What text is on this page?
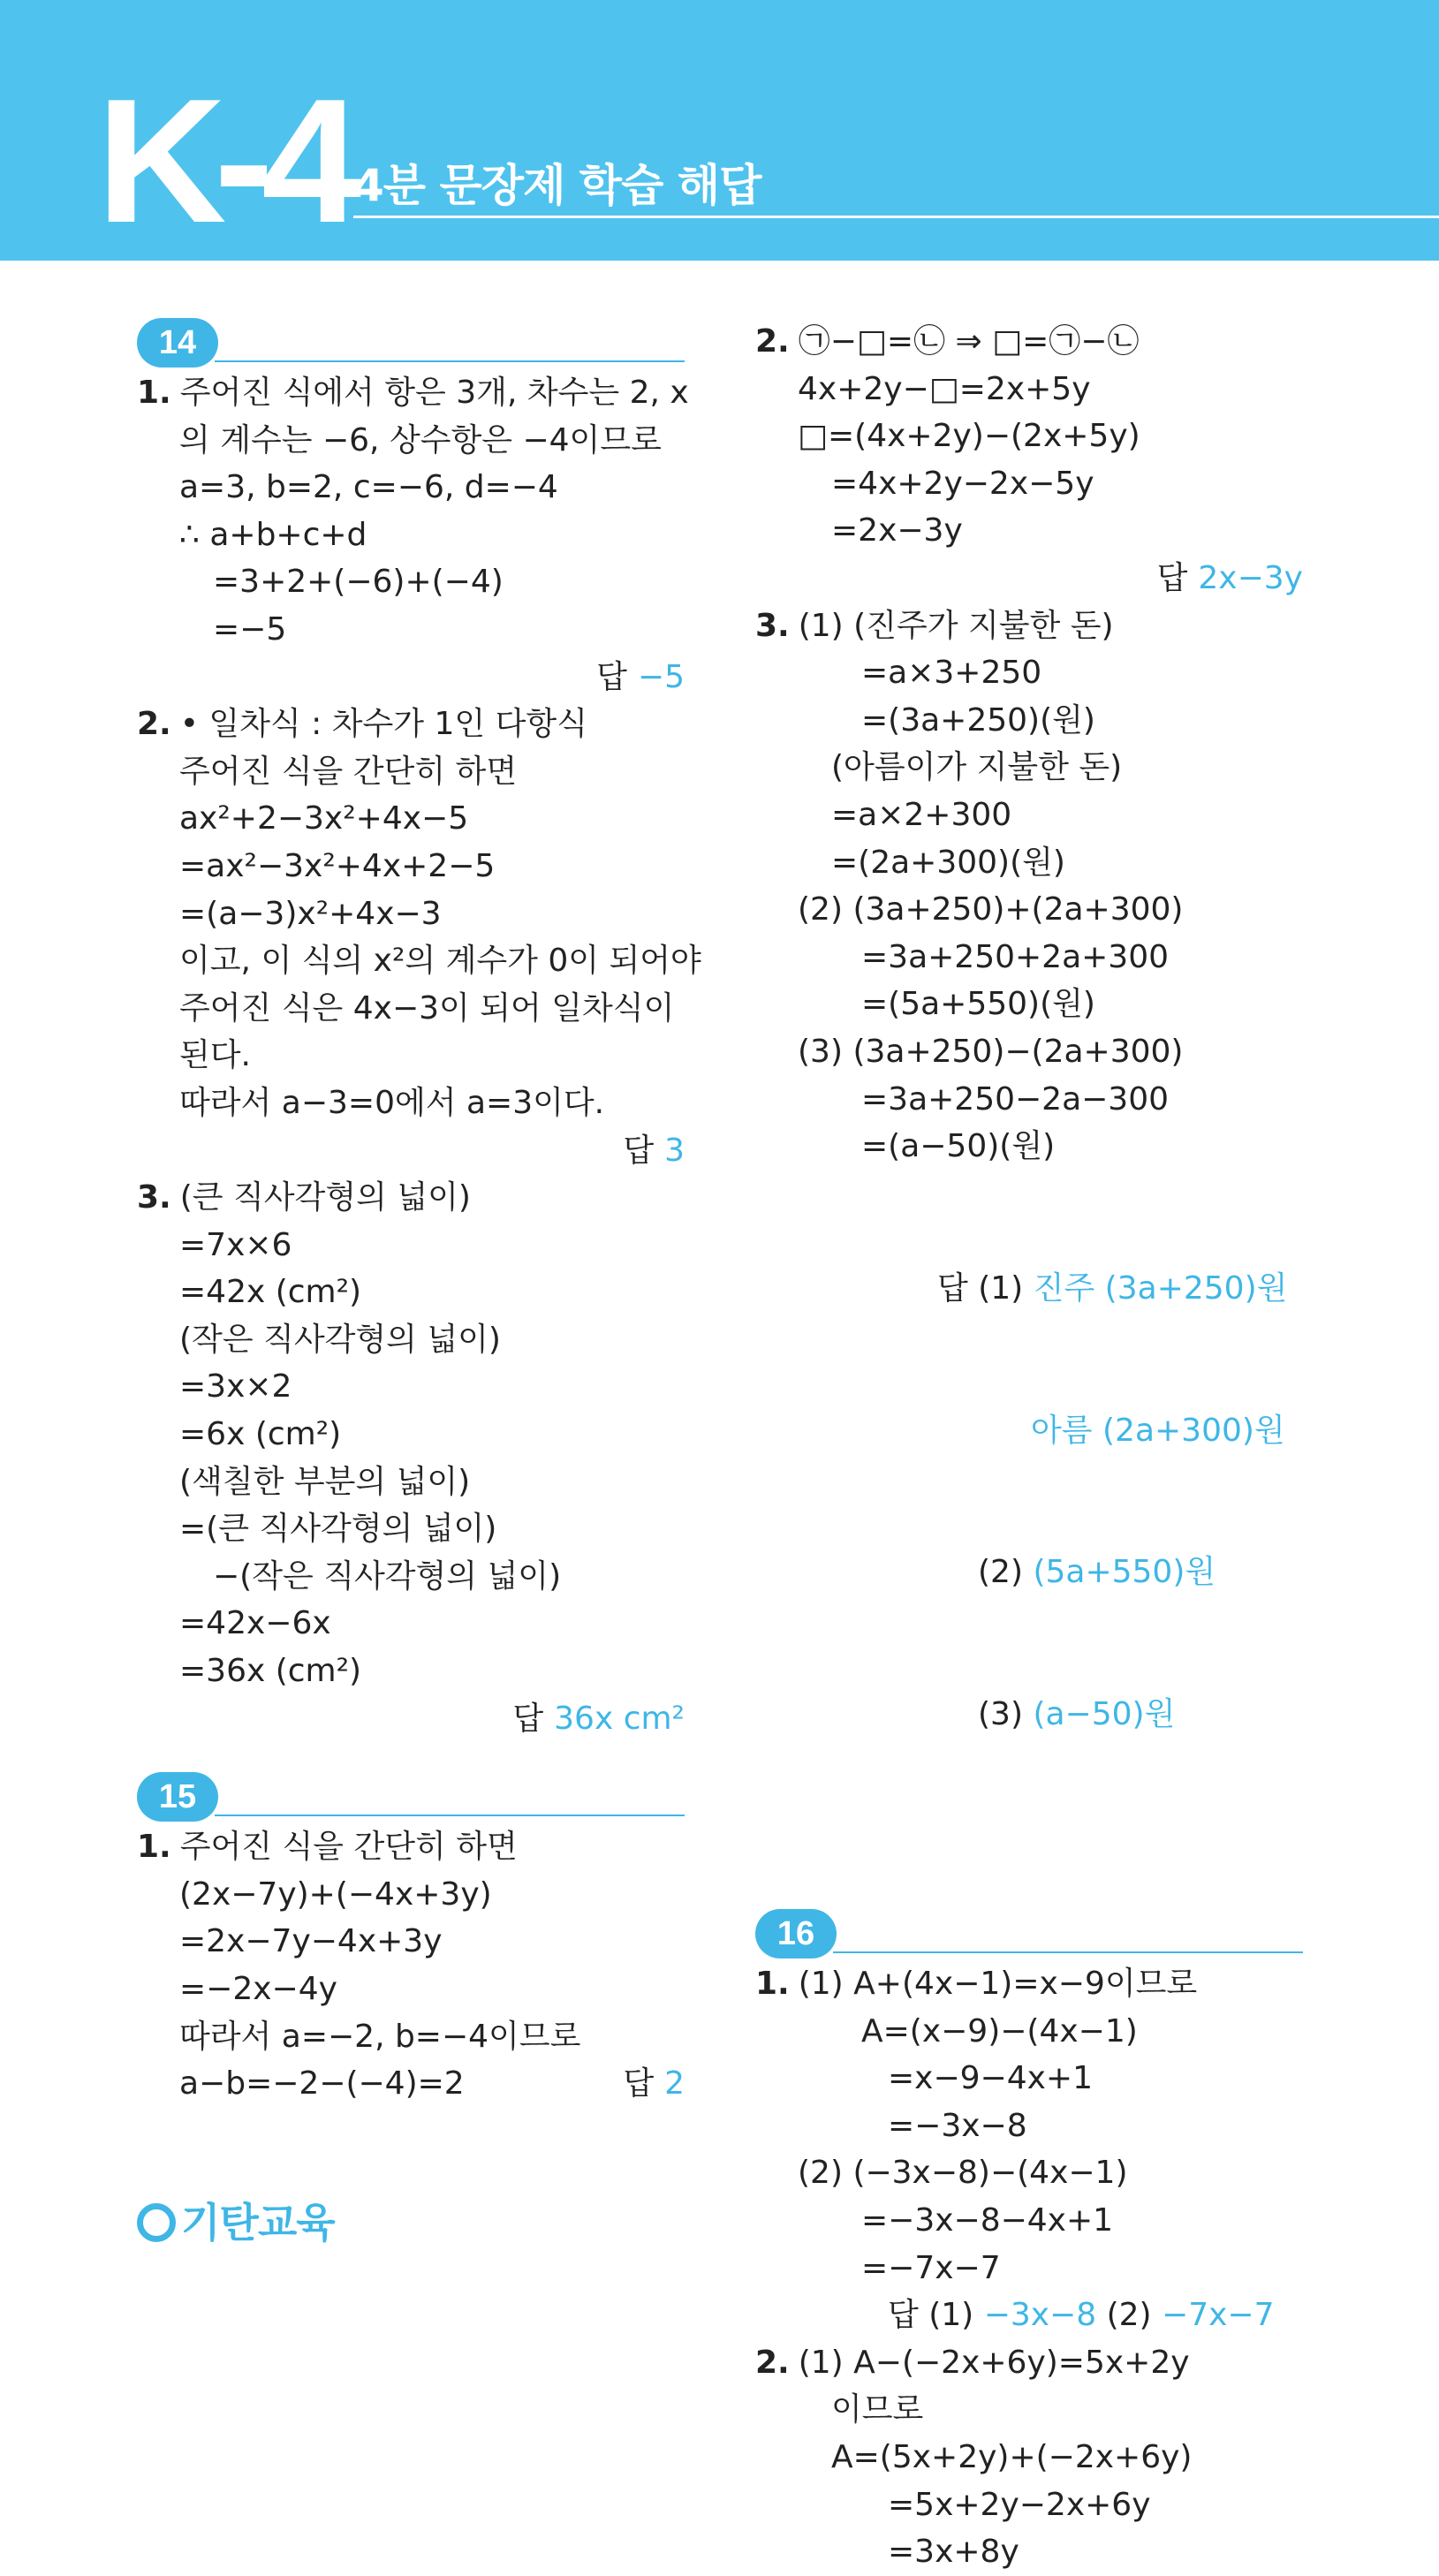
K-4 4분 문장제 학습 해답
14
1. 주어진 식에서 항은 3개, 차수는 2, x
의 계수는 −6, 상수항은 −4이므로
a=3, b=2, c=−6, d=−4
∴ a+b+c+d
=3+2+(−6)+(−4)
=−5
답 −5
2. • 일차식 : 차수가 1인 다항식
주어진 식을 간단히 하면
ax²+2−3x²+4x−5
=ax²−3x²+4x+2−5
=(a−3)x²+4x−3
이고, 이 식의 x²의 계수가 0이 되어야
주어진 식은 4x−3이 되어 일차식이
된다.
따라서 a−3=0에서 a=3이다.
답 3
3. (큰 직사각형의 넓이)
=7x×6
=42x (cm²)
(작은 직사각형의 넓이)
=3x×2
=6x (cm²)
(색칠한 부분의 넓이)
=(큰 직사각형의 넓이)
−(작은 직사각형의 넓이)
=42x−6x
=36x (cm²)
답 36x cm²
15
1. 주어진 식을 간단히 하면
(2x−7y)+(−4x+3y)
=2x−7y−4x+3y
=−2x−4y
따라서 a=−2, b=−4이므로
a−b=−2−(−4)=2	답 2
2. ㉠−□=㉡ ⇒ □=㉠−㉡
4x+2y−□=2x+5y
□=(4x+2y)−(2x+5y)
=4x+2y−2x−5y
=2x−3y
답 2x−3y
3. (1) (진주가 지불한 돈)
=a×3+250
=(3a+250)(원)
(아름이가 지불한 돈)
=a×2+300
=(2a+300)(원)
(2) (3a+250)+(2a+300)
=3a+250+2a+300
=(5a+550)(원)
(3) (3a+250)−(2a+300)
=3a+250−2a−300
=(a−50)(원)

답 (1) 진주 (3a+250)원

아름 (2a+300)원

(2) (5a+550)원

(3) (a−50)원

16
1. (1) A+(4x−1)=x−9이므로
A=(x−9)−(4x−1)
=x−9−4x+1
=−3x−8
(2) (−3x−8)−(4x−1)
=−3x−8−4x+1
=−7x−7
답 (1) −3x−8 (2) −7x−7
2. (1) A−(−2x+6y)=5x+2y
이므로
A=(5x+2y)+(−2x+6y)
=5x+2y−2x+6y
=3x+8y
기탄교육
